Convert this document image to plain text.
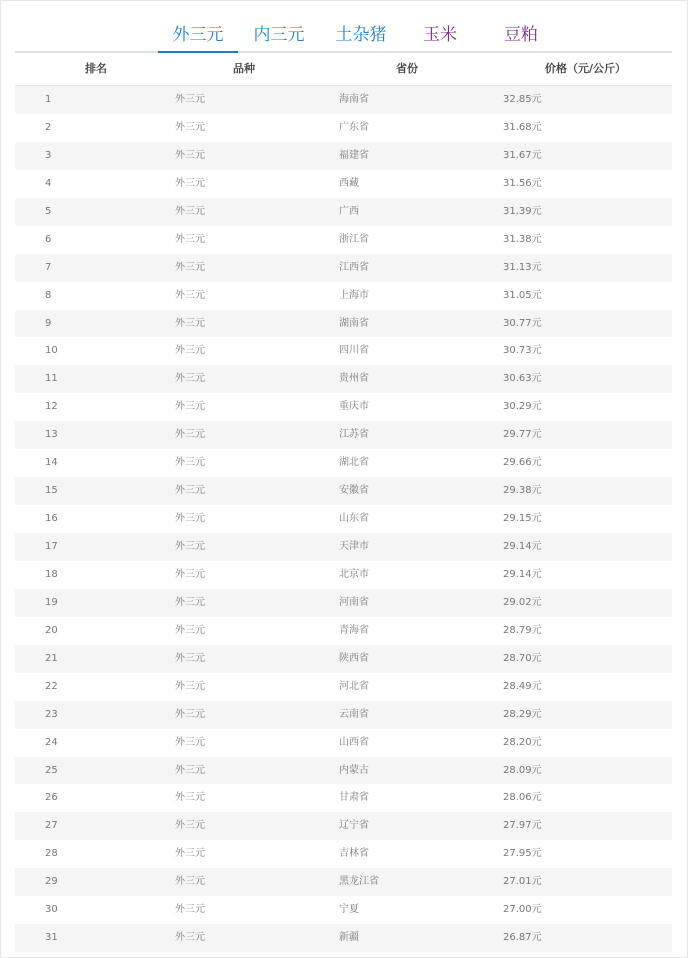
外三元	内三元	土杂猪	玉米	豆粕
排名	品种	省份	价格（元/公斤）
1	外三元	海南省	32.85元
2	外三元	广东省	31.68元
3	外三元	福建省	31.67元
4	外三元	西藏	31.56元
5	外三元	广西	31.39元
6	外三元	浙江省	31.38元
7	外三元	江西省	31.13元
8	外三元	上海市	31.05元
9	外三元	湖南省	30.77元
10	外三元	四川省	30.73元
11	外三元	贵州省	30.63元
12	外三元	重庆市	30.29元
13	外三元	江苏省	29.77元
14	外三元	湖北省	29.66元
15	外三元	安徽省	29.38元
16	外三元	山东省	29.15元
17	外三元	天津市	29.14元
18	外三元	北京市	29.14元
19	外三元	河南省	29.02元
20	外三元	青海省	28.79元
21	外三元	陕西省	28.70元
22	外三元	河北省	28.49元
23	外三元	云南省	28.29元
24	外三元	山西省	28.20元
25	外三元	内蒙古	28.09元
26	外三元	甘肃省	28.06元
27	外三元	辽宁省	27.97元
28	外三元	吉林省	27.95元
29	外三元	黑龙江省	27.01元
30	外三元	宁夏	27.00元
31	外三元	新疆	26.87元
